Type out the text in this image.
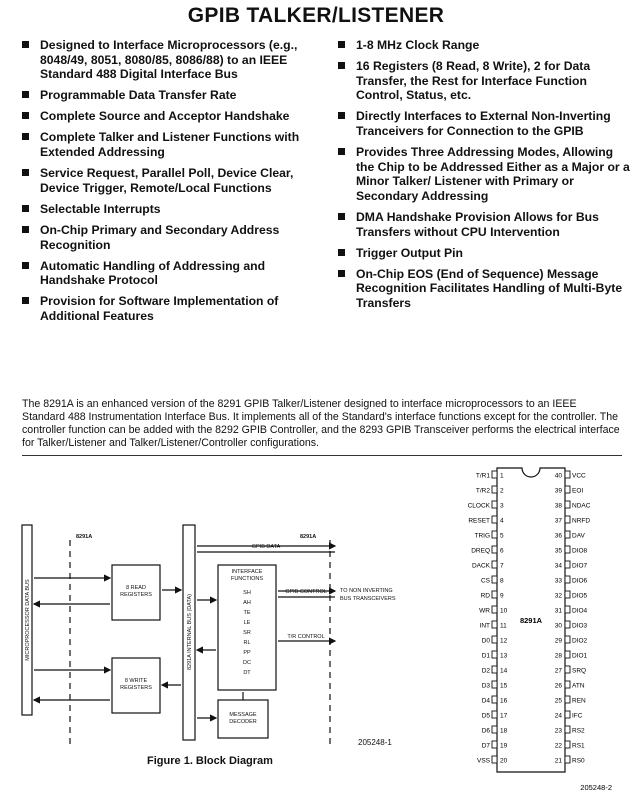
GPIB TALKER/LISTENER
Designed to Interface Microprocessors (e.g., 8048/49, 8051, 8080/85, 8086/88) to an IEEE Standard 488 Digital Interface Bus
Programmable Data Transfer Rate
Complete Source and Acceptor Handshake
Complete Talker and Listener Functions with Extended Addressing
Service Request, Parallel Poll, Device Clear, Device Trigger, Remote/Local Functions
Selectable Interrupts
On-Chip Primary and Secondary Address Recognition
Automatic Handling of Addressing and Handshake Protocol
Provision for Software Implementation of Additional Features
1-8 MHz Clock Range
16 Registers (8 Read, 8 Write), 2 for Data Transfer, the Rest for Interface Function Control, Status, etc.
Directly Interfaces to External Non-Inverting Tranceivers for Connection to the GPIB
Provides Three Addressing Modes, Allowing the Chip to be Addressed Either as a Major or a Minor Talker/ Listener with Primary or Secondary Addressing
DMA Handshake Provision Allows for Bus Transfers without CPU Intervention
Trigger Output Pin
On-Chip EOS (End of Sequence) Message Recognition Facilitates Handling of Multi-Byte Transfers
The 8291A is an enhanced version of the 8291 GPIB Talker/Listener designed to interface microprocessors to an IEEE Standard 488 Instrumentation Interface Bus. It implements all of the Standard's interface functions except for the controller. The controller function can be added with the 8292 GPIB Controller, and the 8293 GPIB Transceiver performs the electrical interface for Talker/Listener and Talker/Listener/Controller configurations.
MICROPROCESSOR DATA BUS
8291A	8291A
8291A INTERNAL BUS (DATA)
8 READ REGISTERS
8 WRITE REGISTERS
INTERFACE FUNCTIONS
SH
AH
TE
LE
SR
RL
PP
DC
DT
GPIB DATA
GPIB CONTROL
T/R CONTROL
TO NON INVERTING BUS TRANSCEIVERS
MESSAGE DECODER
205248-1
Figure 1. Block Diagram
8291A
1
T/R1
2
T/R2
3
CLOCK
4
RESET
5
TRIG
6
DREQ
7
DACK
8
CS
9
RD
10
WR
11
INT
12
D0
13
D1
14
D2
15
D3
16
D4
17
D5
18
D6
19
D7
20
VSS
40 VCC
39 EOI
38 NDAC
37 NRFD
36 DAV
35 DIO8
34 DIO7
33 DIO6
32 DIO5
31 DIO4
30 DIO3
29 DIO2
28 DIO1
27 SRQ
26 ATN
25 REN
24 IFC
23 RS2
22 RS1
21 RS0
205248-2
